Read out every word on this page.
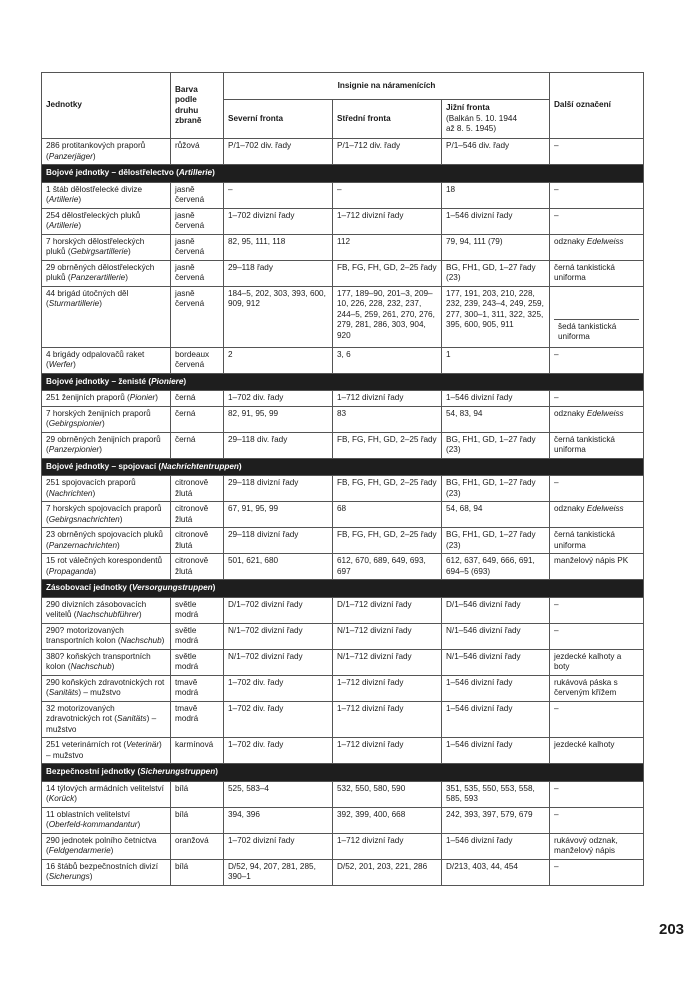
Jednotky	Barva
podle
druhu
zbraně	Insignie na náramenících			Další označení
		Severní fronta	Střední fronta	Jižní fronta
(Balkán 5. 10. 1944
až 8. 5. 1945)	

286 protitankových praporů (Panzerjäger)	růžová	P/1–702 div. řady	P/1–712 div. řady	P/1–546 div. řady	–
Bojové jednotky – dělostřelectvo (Artillerie)					
1 štáb dělostřelecké divize (Artillerie)	jasně
červená	–	–	18	–
254 dělostřeleckých pluků (Artillerie)	jasně
červená	1–702 divizní řady	1–712 divizní řady	1–546 divizní řady	–
7 horských dělostřeleckých pluků (Gebirgsartillerie)	jasně
červená	82, 95, 111, 118	112	79, 94, 111 (79)	odznaky Edelweiss
29 obrněných dělostřeleckých pluků (Panzerartillerie)	jasně
červená	29–118 řady	FB, FG, FH, GD, 2–25 řady	BG, FH1, GD, 1–27 řady (23)	černá tankistická uniforma
44 brigád útočných děl (Sturmartillerie)	jasně
červená	184–5, 202, 303, 393, 600, 909, 912	177, 189–90, 201–3, 209–10, 226, 228, 232, 237, 244–5, 259, 261, 270, 276, 279, 281, 286, 303, 904, 920	177, 191, 203, 210, 228, 232, 239, 243–4, 249, 259, 277, 300–1, 311, 322, 325, 395, 600, 905, 911	šedá tankistická uniforma

4 brigády odpalovačů raket (Werfer)	bordeaux
červená	2	3, 6	1	–
Bojové jednotky – ženisté (Pioniere)					
251 ženijních praporů (Pionier)	černá	1–702 div. řady	1–712 divizní řady	1–546 divizní řady	–
7 horských ženijních praporů (Gebirgspionier)	černá	82, 91, 95, 99	83	54, 83, 94	odznaky Edelweiss
29 obrněných ženijních praporů (Panzerpionier)	černá	29–118 div. řady	FB, FG, FH, GD, 2–25 řady	BG, FH1, GD, 1–27 řady (23)	černá tankistická uniforma
Bojové jednotky – spojovací (Nachrichtentruppen)					
251 spojovacích praporů (Nachrichten)	citronově
žlutá	29–118 divizní řady	FB, FG, FH, GD, 2–25 řady	BG, FH1, GD, 1–27 řady (23)	–
7 horských spojovacích praporů (Gebirgsnachrichten)	citronově
žlutá	67, 91, 95, 99	68	54, 68, 94	odznaky Edelweiss
23 obrněných spojovacích pluků (Panzernachrichten)	citronově
žlutá	29–118 divizní řady	FB, FG, FH, GD, 2–25 řady	BG, FH1, GD, 1–27 řady (23)	černá tankistická uniforma
15 rot válečných korespondentů (Propaganda)	citronově
žlutá	501, 621, 680	612, 670, 689, 649, 693, 697	612, 637, 649, 666, 691, 694–5 (693)	manželový nápis PK
Zásobovací jednotky (Versorgungstruppen)					
290 divizních zásobovacích velitelů (Nachschubführer)	světle
modrá	D/1–702 divizní řady	D/1–712 divizní řady	D/1–546 divizní řady	–
290? motorizovaných transportních kolon (Nachschub)	světle
modrá	N/1–702 divizní řady	N/1–712 divizní řady	N/1–546 divizní řady	–
380? koňských transportních kolon (Nachschub)	světle
modrá	N/1–702 divizní řady	N/1–712 divizní řady	N/1–546 divizní řady	jezdecké kalhoty a boty
290 koňských zdravotnických rot (Sanitäts) – mužstvo	tmavě
modrá	1–702 div. řady	1–712 divizní řady	1–546 divizní řady	rukávová páska s červeným křížem
32 motorizovaných zdravotnických rot (Sanitäts) – mužstvo	tmavě
modrá	1–702 div. řady	1–712 divizní řady	1–546 divizní řady	–
251 veterinárních rot (Veterinär) – mužstvo	karmínová	1–702 div. řady	1–712 divizní řady	1–546 divizní řady	jezdecké kalhoty
Bezpečnostní jednotky (Sicherungstruppen)					
14 týlových armádních velitelství (Korück)	bílá	525, 583–4	532, 550, 580, 590	351, 535, 550, 553, 558, 585, 593	–
11 oblastních velitelství (Oberfeld-kommandantur)	bílá	394, 396	392, 399, 400, 668	242, 393, 397, 579, 679	–
290 jednotek polního četnictva (Feldgendarmerie)	oranžová	1–702 divizní řady	1–712 divizní řady	1–546 divizní řady	rukávový odznak, manželový nápis
16 štábů bezpečnostních divizí (Sicherungs)	bílá	D/52, 94, 207, 281, 285, 390–1	D/52, 201, 203, 221, 286	D/213, 403, 44, 454	–
203
